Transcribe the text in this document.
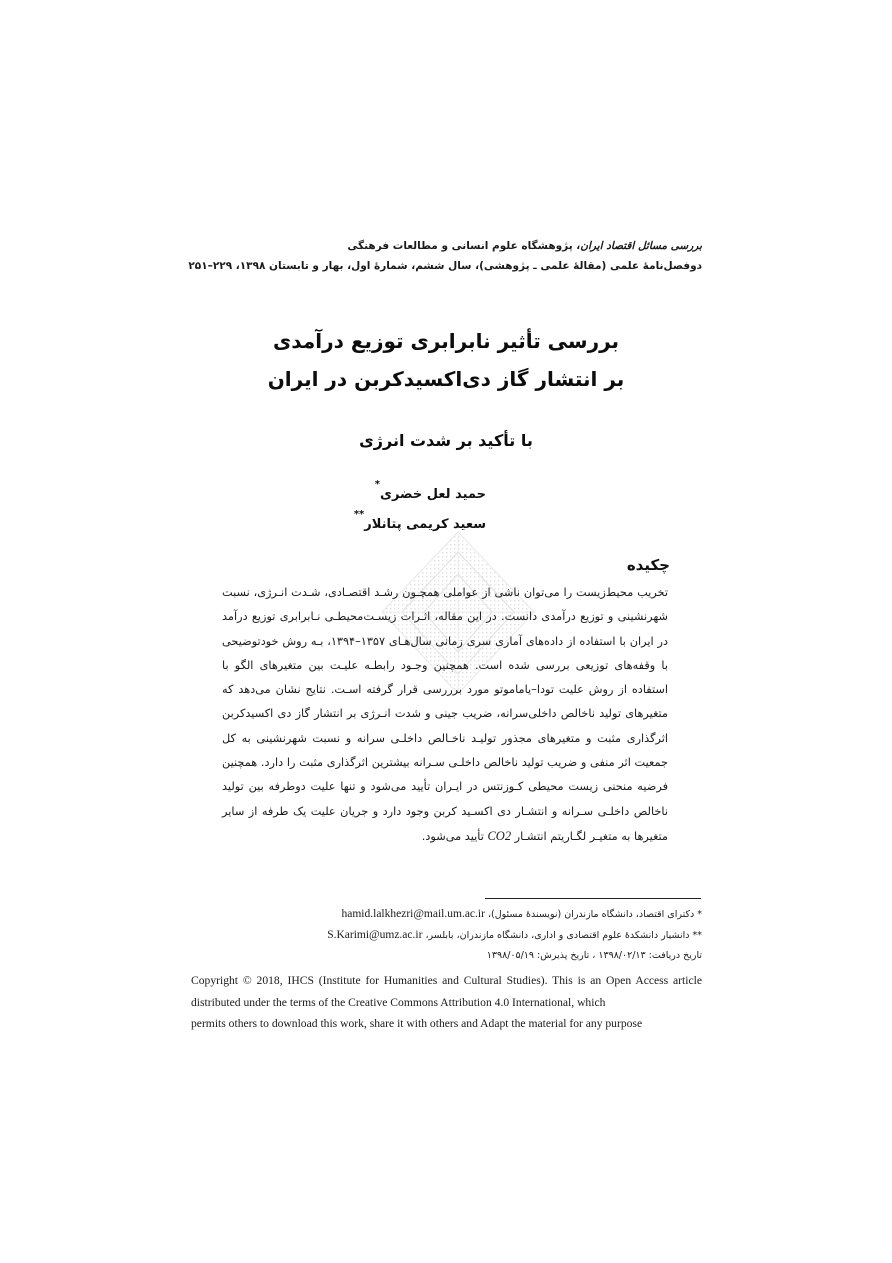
بررسی مسائل اقتصاد ایران، پژوهشگاه علوم انسانی و مطالعات فرهنگی
دوفصل‌نامهٔ علمی (مقالهٔ علمی ـ پژوهشی)، سال ششم، شمارهٔ اول، بهار و تابستان ۱۳۹۸، ۲۲۹–۲۵۱
بررسی تأثیر نابرابری توزیع درآمدی
بر انتشار گاز دی‌اکسیدکربن در ایران
با تأکید بر شدت انرژی
حمید لعل خضری*
سعید کریمی پتانلار**
چکیده
تخریب محیط‌زیست را می‌توان ناشی از عواملی همچـون رشـد اقتصـادی، شـدت انـرژی، نسبت شهرنشینی و توزیع درآمدی دانست. در این مقاله، اثـرات زیسـت‌محیطـی نـابرابری توزیع درآمد در ایران با استفاده از داده‌های آماری سری زمانی سال‌هـای ۱۳۵۷–۱۳۹۴، بـه روش خودتوضیحی با وقفه‌های توزیعی بررسی شده است. همچنین وجـود رابطـه علیـت بین متغیرهای الگو با استفاده از روش علیت تودا–یاماموتو مورد برررسی قرار گرفته اسـت. نتایج نشان می‌دهد که متغیرهای تولید ناخالص داخلی‌سرانه، ضریب جینی و شدت انـرژی بر انتشار گاز دی اکسیدکربن اثرگذاری مثبت و متغیرهای مجذور تولیـد ناخـالص داخلـی سرانه و نسبت شهرنشینی به کل جمعیت اثر منفی و ضریب تولید ناخالص داخلـی سـرانه بیشترین اثرگذاری مثبت را دارد. همچنین فرضیه منحنی زیست محیطی کـوزنتس در ایـران تأیید می‌شود و تنها علیت دوطرفه بین تولید ناخالص داخلـی سـرانه و انتشـار دی اکسـید کربن وجود دارد و جریان علیت یک طرفه از سایر متغیرها به متغیـر لگـاریتم انتشـار CO2 تأیید می‌شود.
* دکترای اقتصاد، دانشگاه مازندران (نویسندهٔ مسئول)، hamid.lalkhezri@mail.um.ac.ir
** دانشیار دانشکدهٔ علوم اقتصادی و اداری، دانشگاه مازندران، بابلسر، S.Karimi@umz.ac.ir
تاریخ دریافت: ۱۳۹۸/۰۲/۱۳ ، تاریخ پذیرش: ۱۳۹۸/۰۵/۱۹
Copyright © 2018, IHCS (Institute for Humanities and Cultural Studies). This is an Open Access article distributed under the terms of the Creative Commons Attribution 4.0 International, which
permits others to download this work, share it with others and Adapt the material for any purpose
